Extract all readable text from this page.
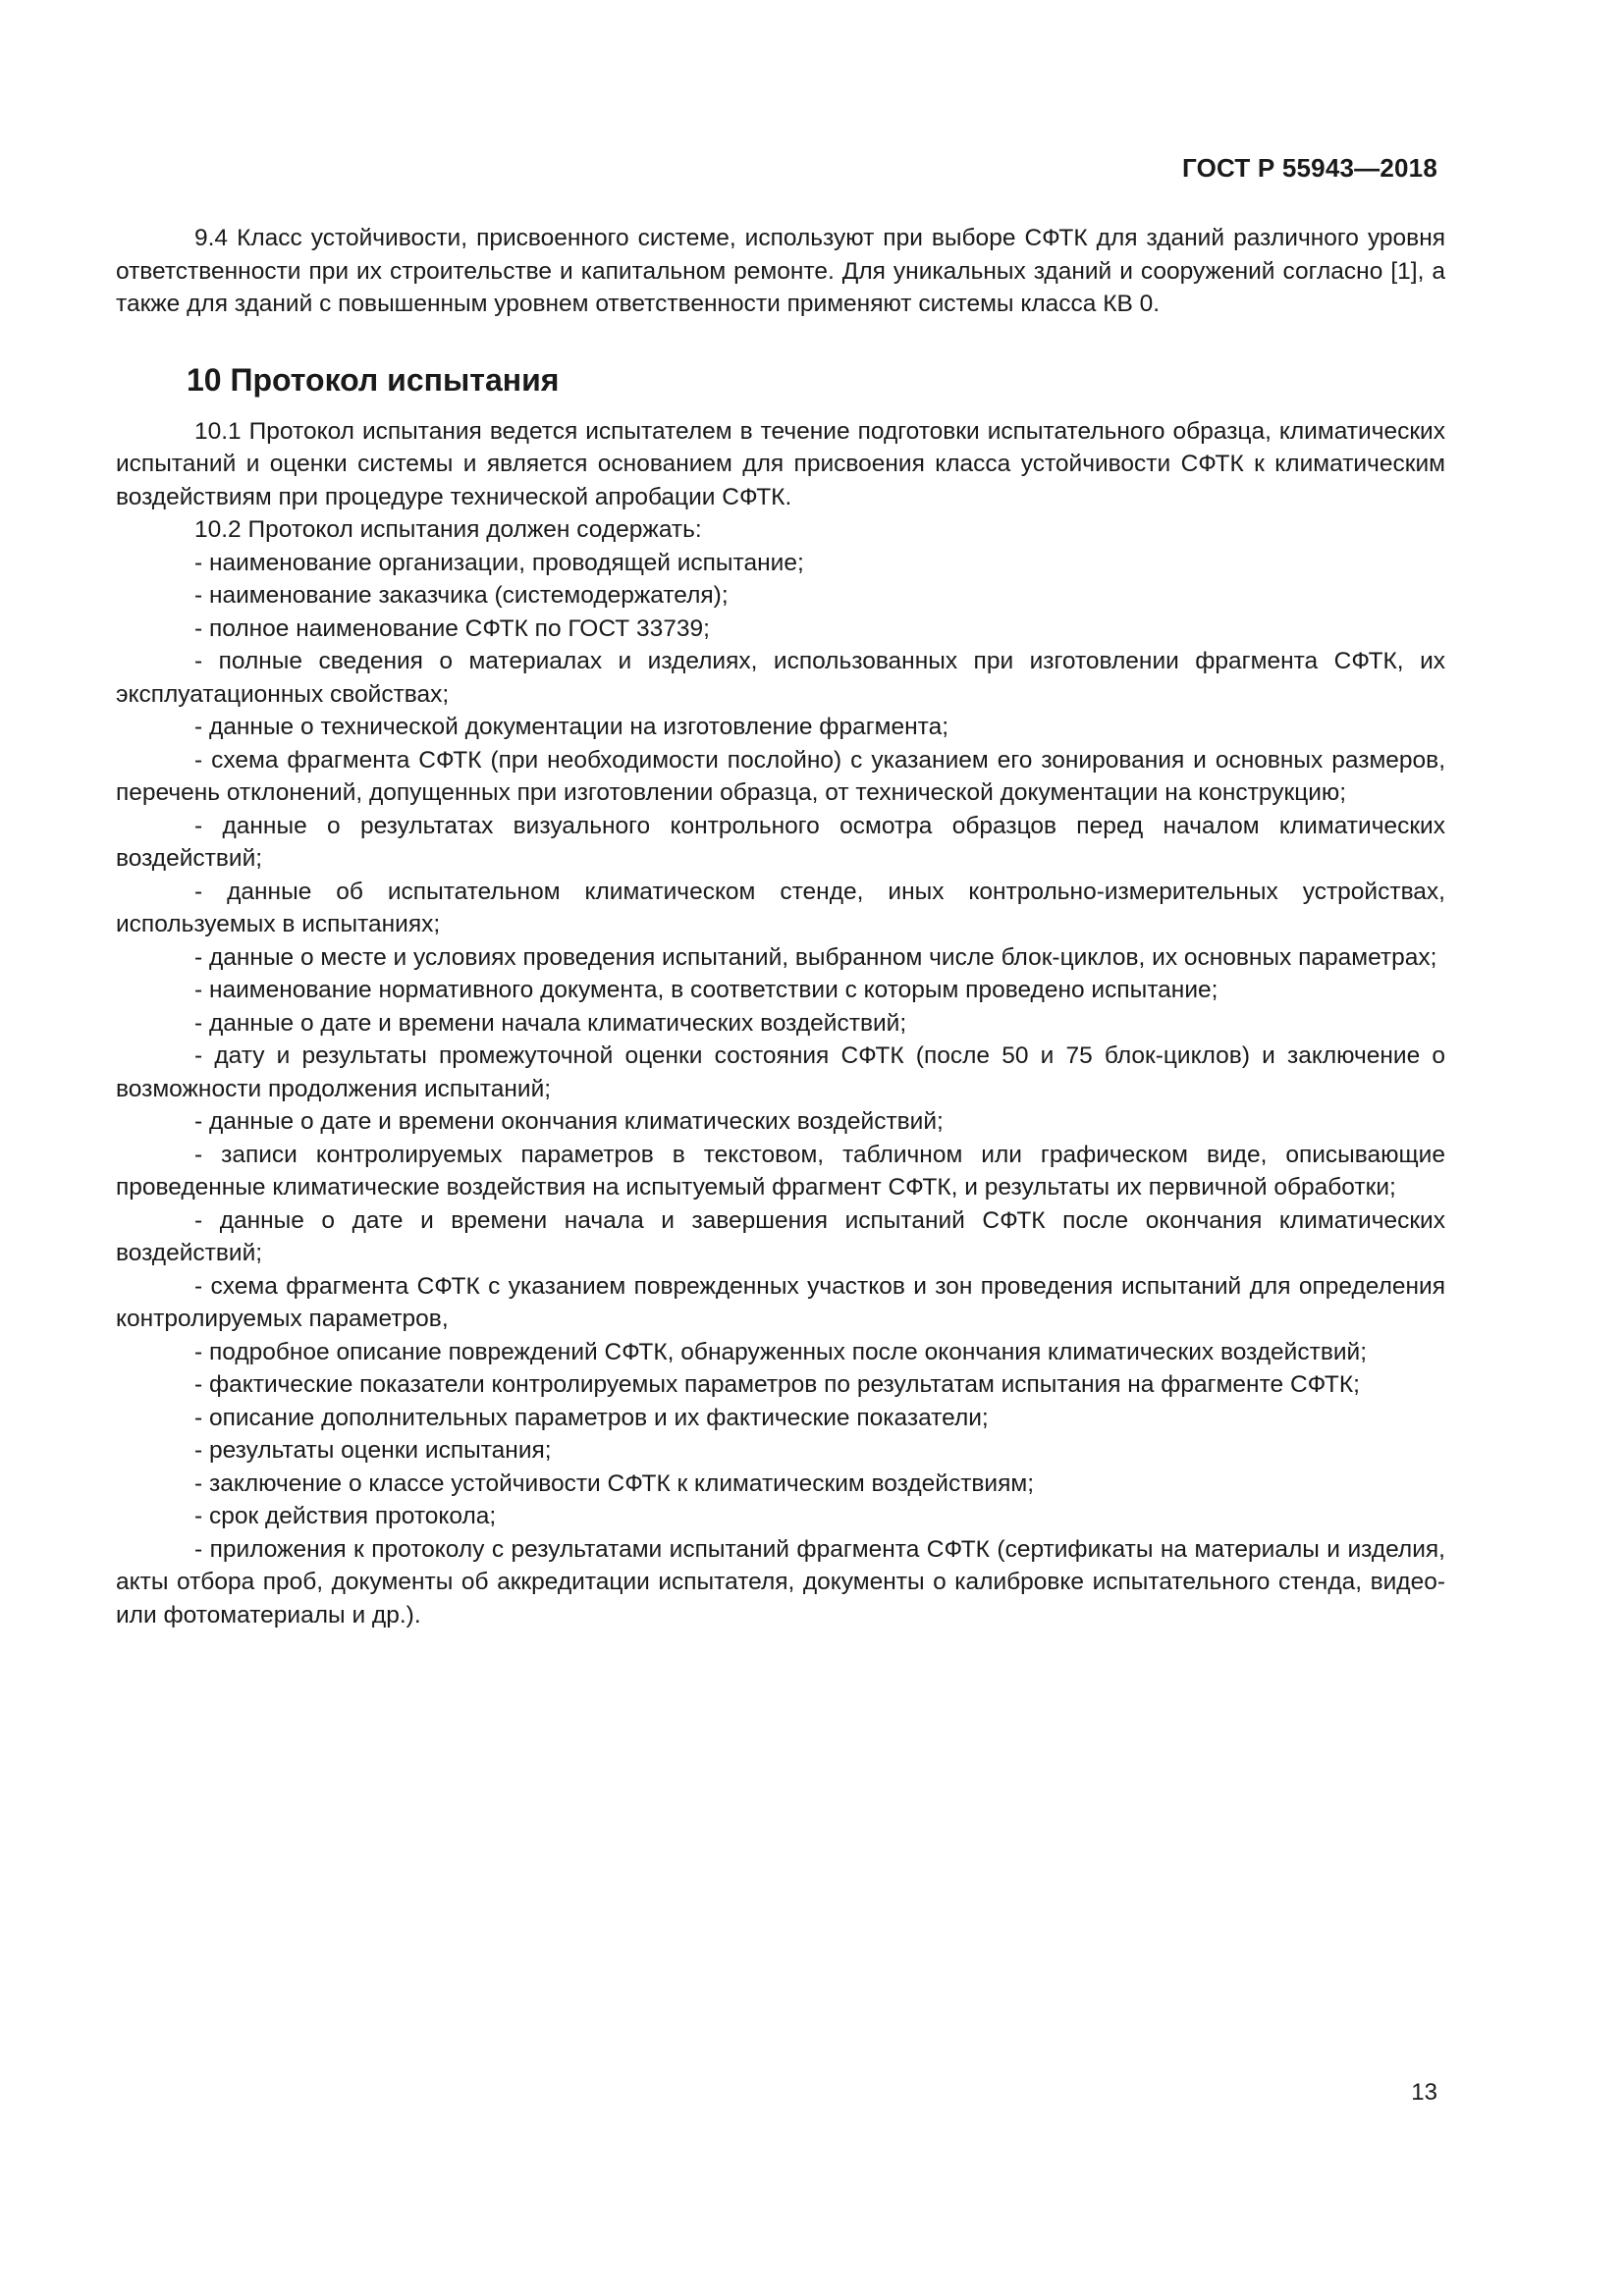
ГОСТ Р 55943—2018

9.4 Класс устойчивости, присвоенного системе, используют при выборе СФТК для зданий различного уровня ответственности при их строительстве и капитальном ремонте. Для уникальных зданий и сооружений согласно [1], а также для зданий с повышенным уровнем ответственности применяют системы класса КВ 0.

10 Протокол испытания

10.1 Протокол испытания ведется испытателем в течение подготовки испытательного образца, климатических испытаний и оценки системы и является основанием для присвоения класса устойчивости СФТК к климатическим воздействиям при процедуре технической апробации СФТК.

10.2 Протокол испытания должен содержать:

- наименование организации, проводящей испытание;

- наименование заказчика (системодержателя);

- полное наименование СФТК по ГОСТ 33739;

- полные сведения о материалах и изделиях, использованных при изготовлении фрагмента СФТК, их эксплуатационных свойствах;

- данные о технической документации на изготовление фрагмента;

- схема фрагмента СФТК (при необходимости послойно) с указанием его зонирования и основных размеров, перечень отклонений, допущенных при изготовлении образца, от технической документации на конструкцию;

- данные о результатах визуального контрольного осмотра образцов перед началом климатических воздействий;

- данные об испытательном климатическом стенде, иных контрольно-измерительных устройствах, используемых в испытаниях;

- данные о месте и условиях проведения испытаний, выбранном числе блок-циклов, их основных параметрах;

- наименование нормативного документа, в соответствии с которым проведено испытание;

- данные о дате и времени начала климатических воздействий;

- дату и результаты промежуточной оценки состояния СФТК (после 50 и 75 блок-циклов) и заключение о возможности продолжения испытаний;

- данные о дате и времени окончания климатических воздействий;

- записи контролируемых параметров в текстовом, табличном или графическом виде, описывающие проведенные климатические воздействия на испытуемый фрагмент СФТК, и результаты их первичной обработки;

- данные о дате и времени начала и завершения испытаний СФТК после окончания климатических воздействий;

- схема фрагмента СФТК с указанием поврежденных участков и зон проведения испытаний для определения контролируемых параметров,

- подробное описание повреждений СФТК, обнаруженных после окончания климатических воздействий;

- фактические показатели контролируемых параметров по результатам испытания на фрагменте СФТК;

- описание дополнительных параметров и их фактические показатели;

- результаты оценки испытания;

- заключение о классе устойчивости СФТК к климатическим воздействиям;

- срок действия протокола;

- приложения к протоколу с результатами испытаний фрагмента СФТК (сертификаты на материалы и изделия, акты отбора проб, документы об аккредитации испытателя, документы о калибровке испытательного стенда, видео- или фотоматериалы и др.).

13
